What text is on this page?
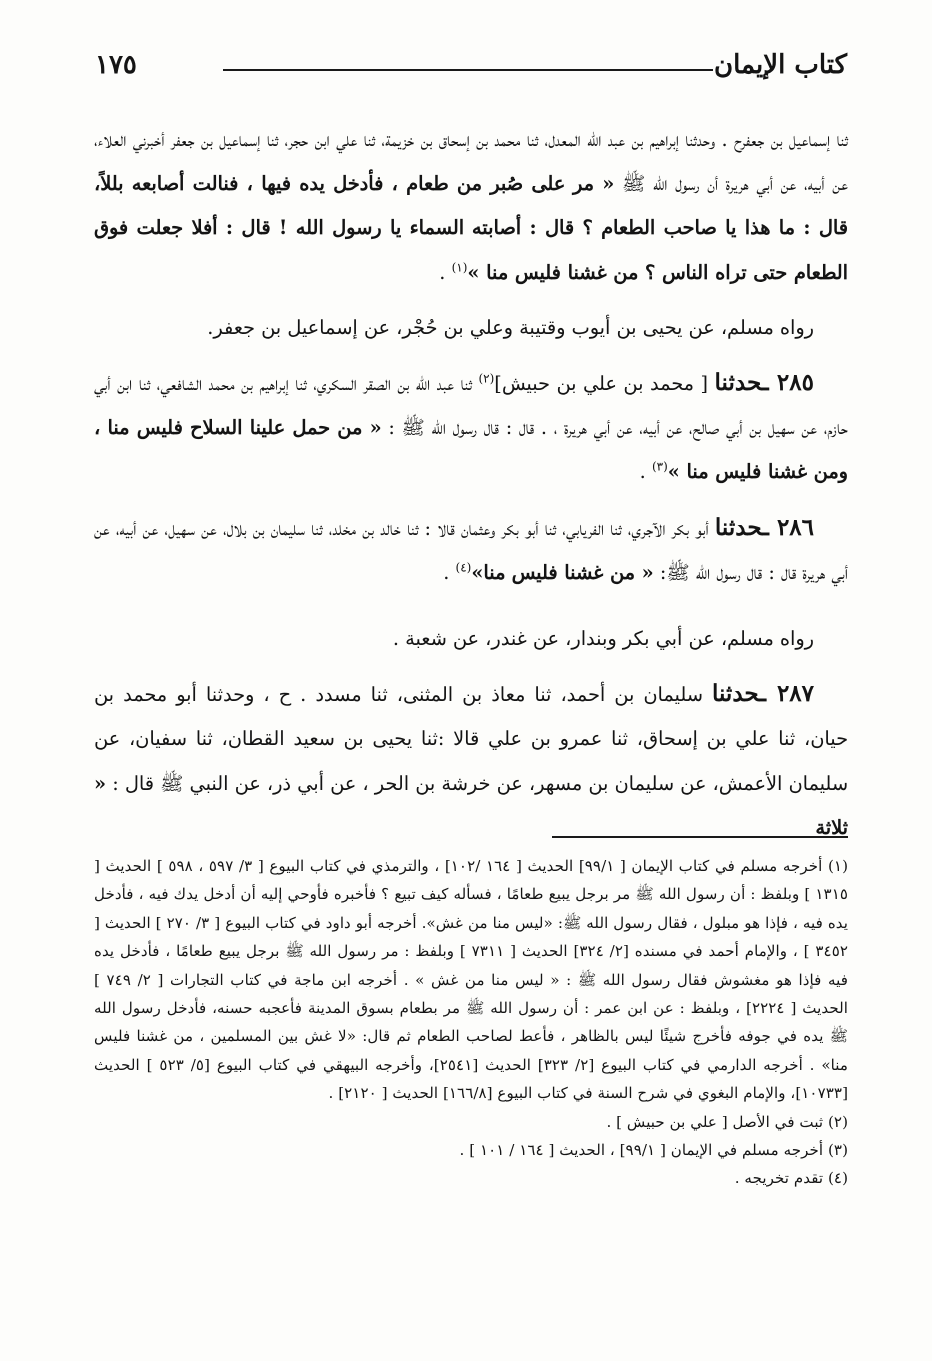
كتاب الإيمان
١٧٥

ثنا إسماعيل بن جعفرح . وحدثنا إبراهيم بن عبد الله المعدل، ثنا محمد بن إسحاق بن خزيمة، ثنا علي ابن حجر، ثنا إسماعيل بن جعفر أخبرني العلاء، عن أبيه، عن أبي هريرة أن رسول الله ﷺ « مر على صُبر من طعام ، فأدخل يده فيها ، فنالت أصابعه بللاً، قال : ما هذا يا صاحب الطعام ؟ قال : أصابته السماء يا رسول الله ! قال : أفلا جعلت فوق الطعام حتى تراه الناس ؟ من غشنا فليس منا »$^{(١)}$ .

رواه مسلم، عن يحيى بن أيوب وقتيبة وعلي بن حُجْر، عن إسماعيل بن جعفر.

٢٨٥ ـحدثنا [ محمد بن علي بن حبيش]$^{(٢)}$ ثنا عبد الله بن الصقر السكري، ثنا إبراهيم بن محمد الشافعي، ثنا ابن أبي حازم، عن سهيل بن أبي صالح، عن أبيه، عن أبي هريرة ، . قال : قال رسول الله ﷺ : « من حمل علينا السلاح فليس منا ، ومن غشنا فليس منا »$^{(٣)}$ .

٢٨٦ ـحدثنا أبو بكر الآجري، ثنا الفريابي، ثنا أبو بكر وعثمان قالا : ثنا خالد بن مخلد، ثنا سليمان بن بلال، عن سهيل، عن أبيه، عن أبي هريرة قال : قال رسول الله ﷺ: « من غشنا فليس منا»$^{(٤)}$ .

رواه مسلم، عن أبي بكر وبندار، عن غندر، عن شعبة .

٢٨٧ ـحدثنا سليمان بن أحمد، ثنا معاذ بن المثنى، ثنا مسدد . ح ، وحدثنا أبو محمد بن حيان، ثنا علي بن إسحاق، ثنا عمرو بن علي قالا :ثنا يحيى بن سعيد القطان، ثنا سفيان، عن سليمان الأعمش، عن سليمان بن مسهر، عن خرشة بن الحر ، عن أبي ذر، عن النبي ﷺ قال : « ثلاثة

(١) أخرجه مسلم في كتاب الإيمان [ ٩٩/١] الحديث [ ١٦٤ /١٠٢] ، والترمذي في كتاب البيوع [ ٣/ ٥٩٧ ، ٥٩٨ ] الحديث [ ١٣١٥ ] وبلفظ : أن رسول الله ﷺ مر برجل يبيع طعامًا ، فسأله كيف تبيع ؟ فأخبره فأوحي إليه أن أدخل يدك فيه ، فأدخل يده فيه ، فإذا هو مبلول ، فقال رسول الله ﷺ: «ليس منا من غش». أخرجه أبو داود في كتاب البيوع [ ٣/ ٢٧٠ ] الحديث [ ٣٤٥٢ ] ، والإمام أحمد في مسنده [٢/ ٣٢٤] الحديث [ ٧٣١١ ] وبلفظ : مر رسول الله ﷺ برجل يبيع طعامًا ، فأدخل يده فيه فإذا هو مغشوش فقال رسول الله ﷺ : « ليس منا من غش » . أخرجه ابن ماجة في كتاب التجارات [ ٢/ ٧٤٩ ] الحديث [ ٢٢٢٤] ، وبلفظ : عن ابن عمر : أن رسول الله ﷺ مر بطعام بسوق المدينة فأعجبه حسنه، فأدخل رسول الله ﷺ يده في جوفه فأخرج شيئًا ليس بالظاهر ، فأعط لصاحب الطعام ثم قال: «لا غش بين المسلمين ، من غشنا فليس منا» . أخرجه الدارمي في كتاب البيوع [٢/ ٣٢٣] الحديث [٢٥٤١]، وأخرجه البيهقي في كتاب البيوع [٥/ ٥٢٣ ] الحديث [١٠٧٣٣]، والإمام البغوي في شرح السنة في كتاب البيوع [١٦٦/٨] الحديث [ ٢١٢٠] .

(٢) ثبت في الأصل [ علي بن حبيش ] .

(٣) أخرجه مسلم في الإيمان [ ٩٩/١] ، الحديث [ ١٦٤ / ١٠١ ] .

(٤) تقدم تخريجه .
